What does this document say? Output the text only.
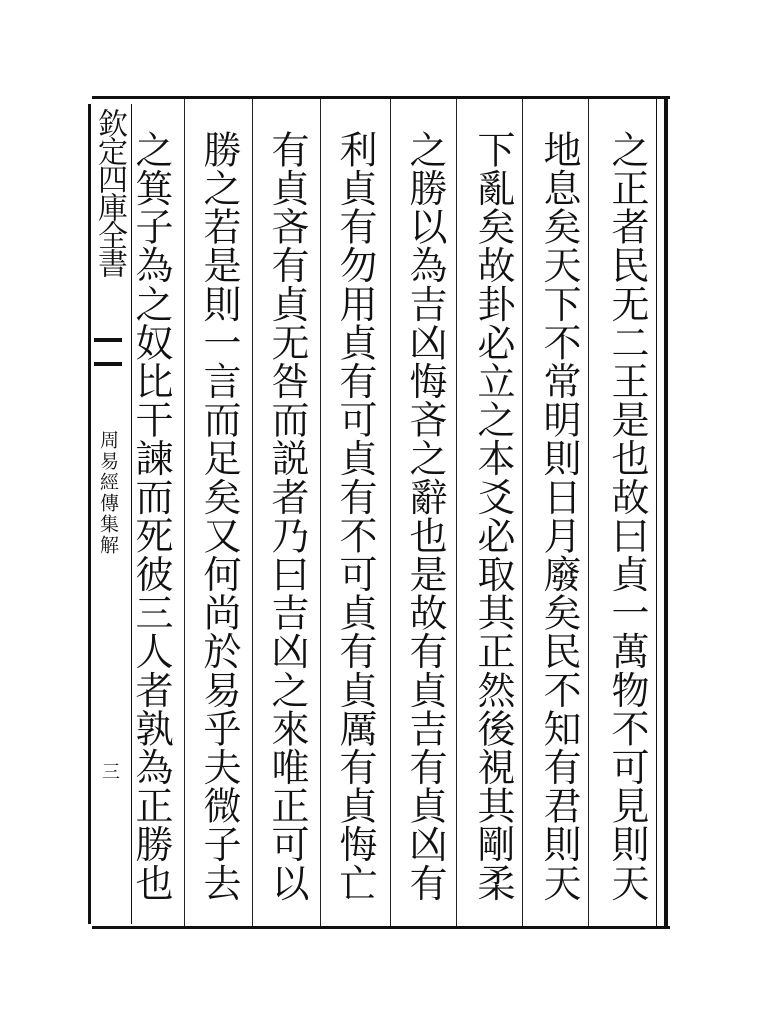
之正者民无二王是也故曰貞一萬物不可見則天
地息矣天下不常明則日月廢矣民不知有君則天
下亂矣故卦必立之本爻必取其正然後視其剛柔
之勝以為吉凶悔吝之辭也是故有貞吉有貞凶有
利貞有勿用貞有可貞有不可貞有貞厲有貞悔亡
有貞吝有貞无咎而説者乃曰吉凶之來唯正可以
勝之若是則一言而足矣又何尚於易乎夫微子去
之箕子為之奴比干諫而死彼三人者孰為正勝也
欽定四庫全書
周易經傳集解
三
